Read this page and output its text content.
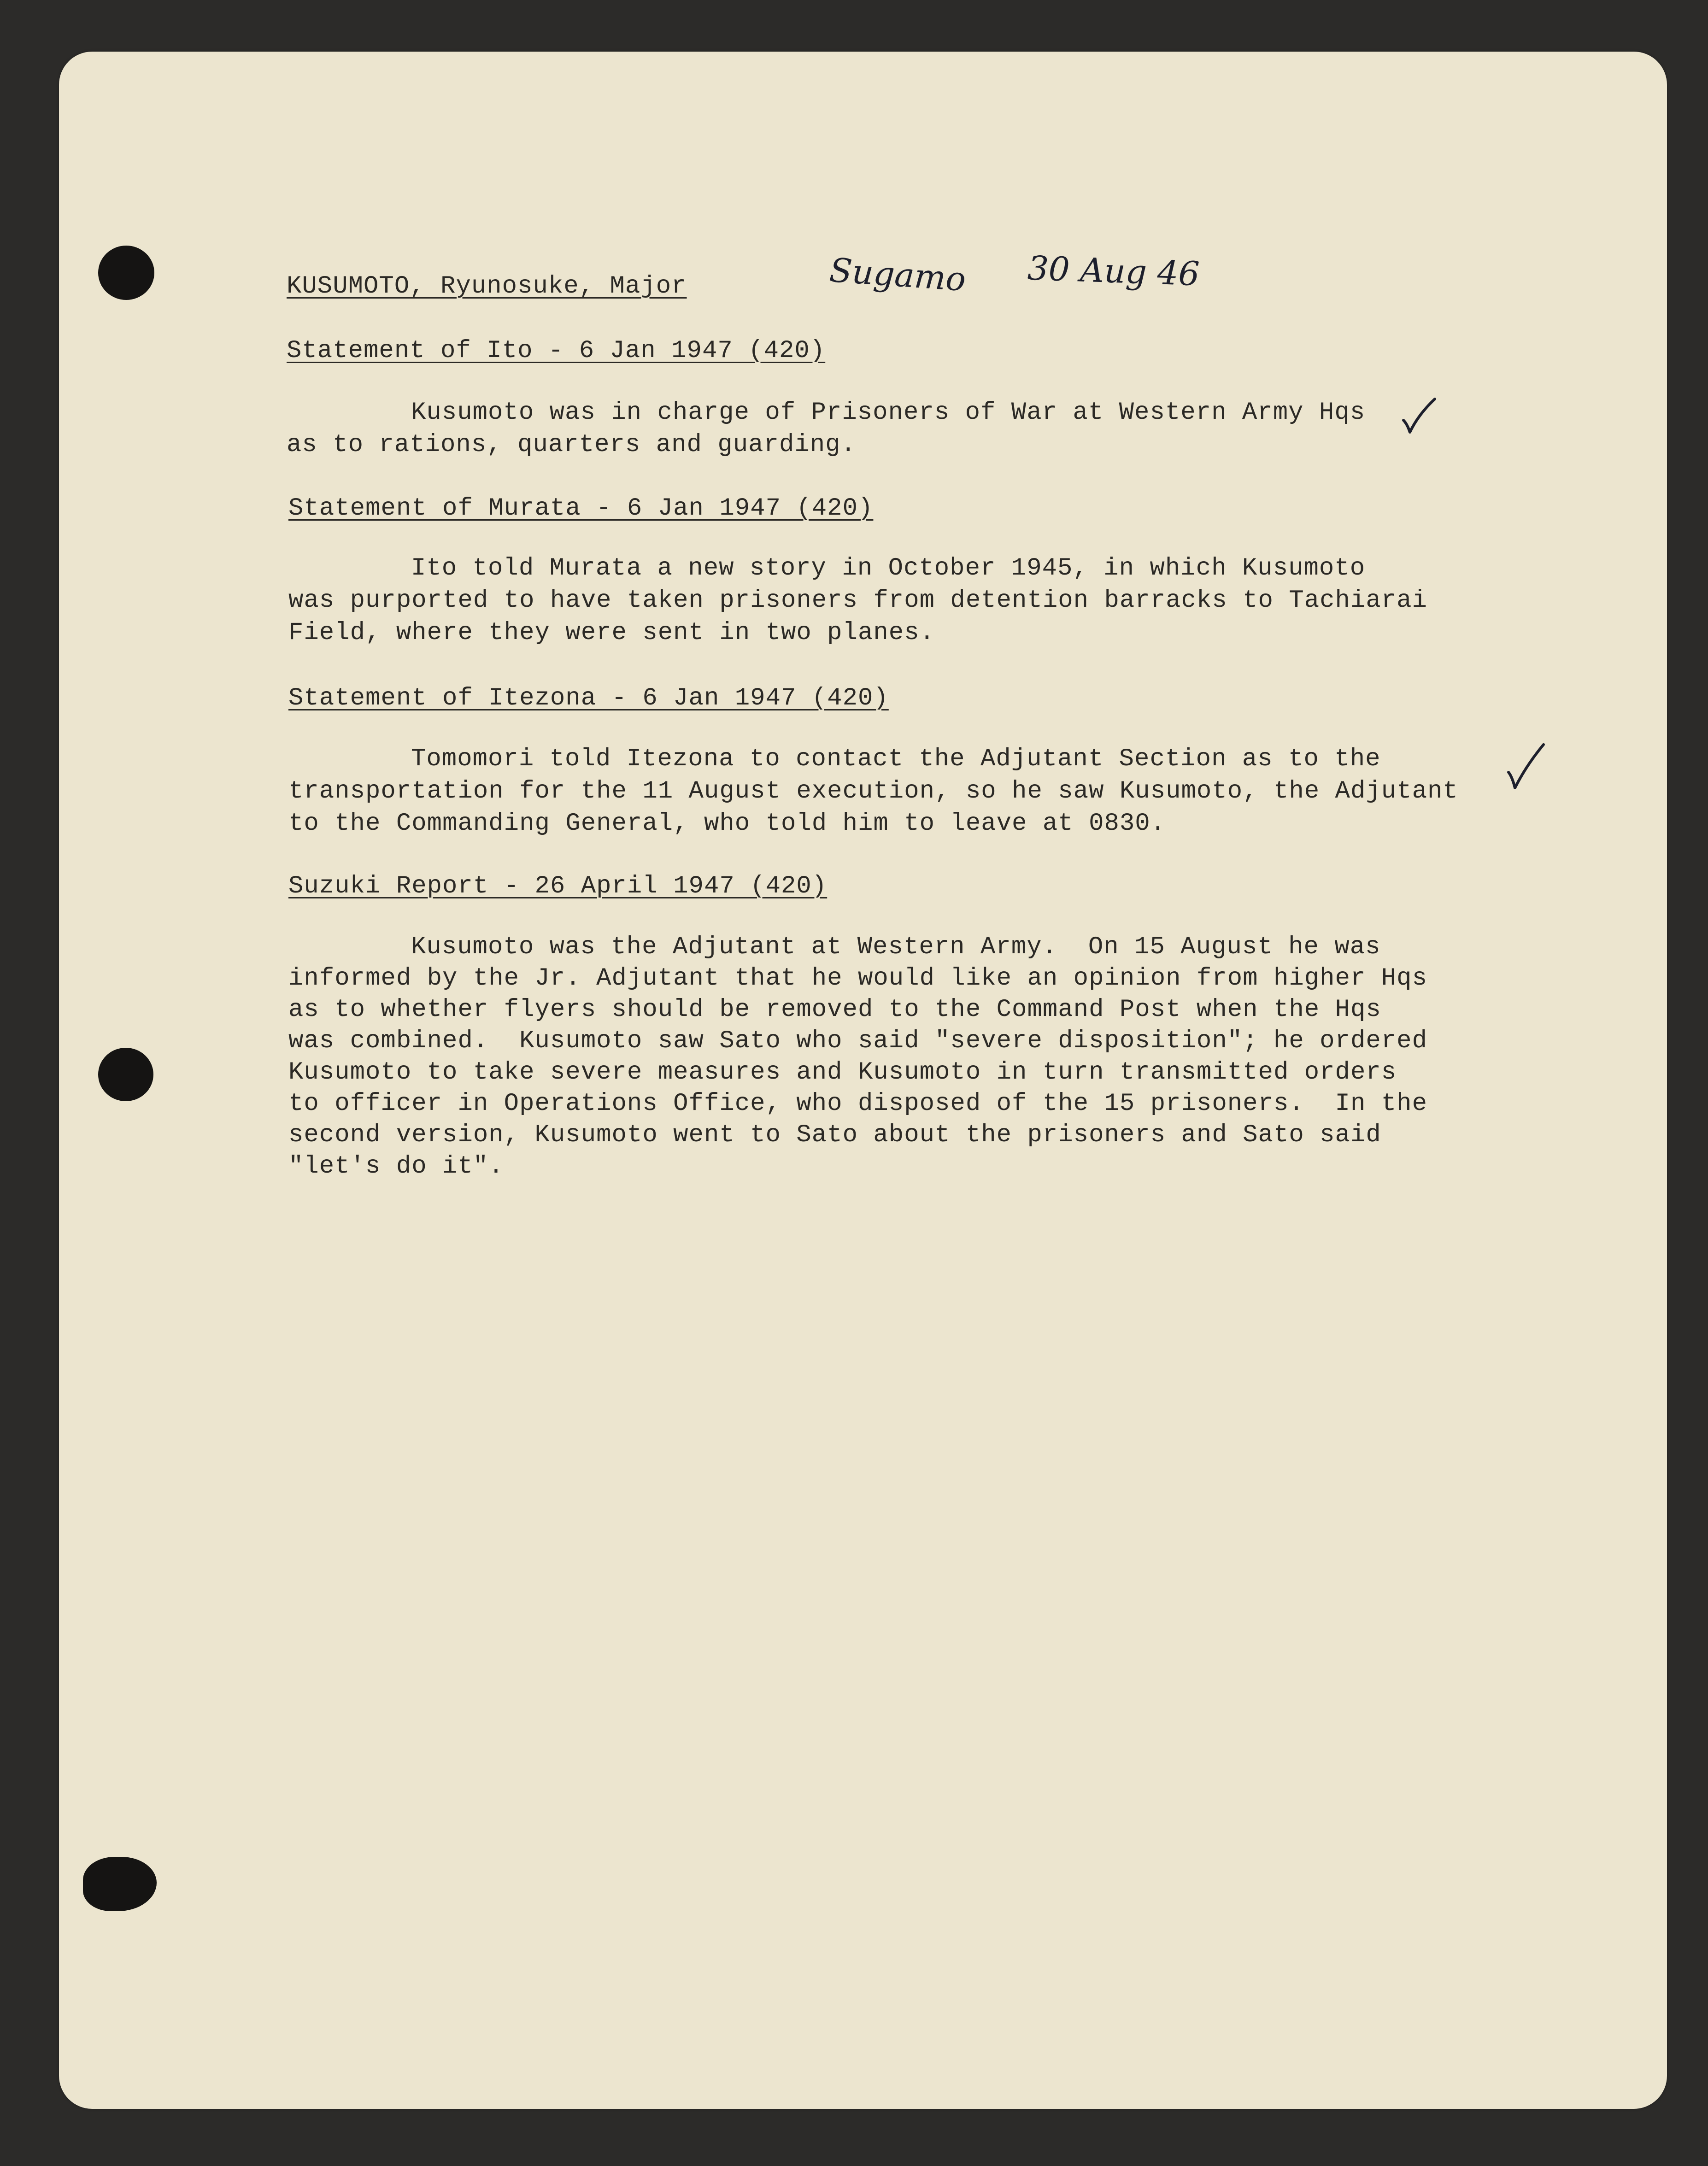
KUSUMOTO, Ryunosuke, Major	Sugamo 30 Aug 46
Statement of Ito - 6 Jan 1947 (420)
Kusumoto was in charge of Prisoners of War at Western Army Hqs
as to rations, quarters and guarding.
Statement of Murata - 6 Jan 1947 (420)
Ito told Murata a new story in October 1945, in which Kusumoto
was purported to have taken prisoners from detention barracks to Tachiarai
Field, where they were sent in two planes.
Statement of Itezona - 6 Jan 1947 (420)
Tomomori told Itezona to contact the Adjutant Section as to the
transportation for the 11 August execution, so he saw Kusumoto, the Adjutant
to the Commanding General, who told him to leave at 0830.
Suzuki Report - 26 April 1947 (420)
Kusumoto was the Adjutant at Western Army.  On 15 August he was
informed by the Jr. Adjutant that he would like an opinion from higher Hqs
as to whether flyers should be removed to the Command Post when the Hqs
was combined.  Kusumoto saw Sato who said "severe disposition"; he ordered
Kusumoto to take severe measures and Kusumoto in turn transmitted orders
to officer in Operations Office, who disposed of the 15 prisoners.  In the
second version, Kusumoto went to Sato about the prisoners and Sato said
"let's do it".
